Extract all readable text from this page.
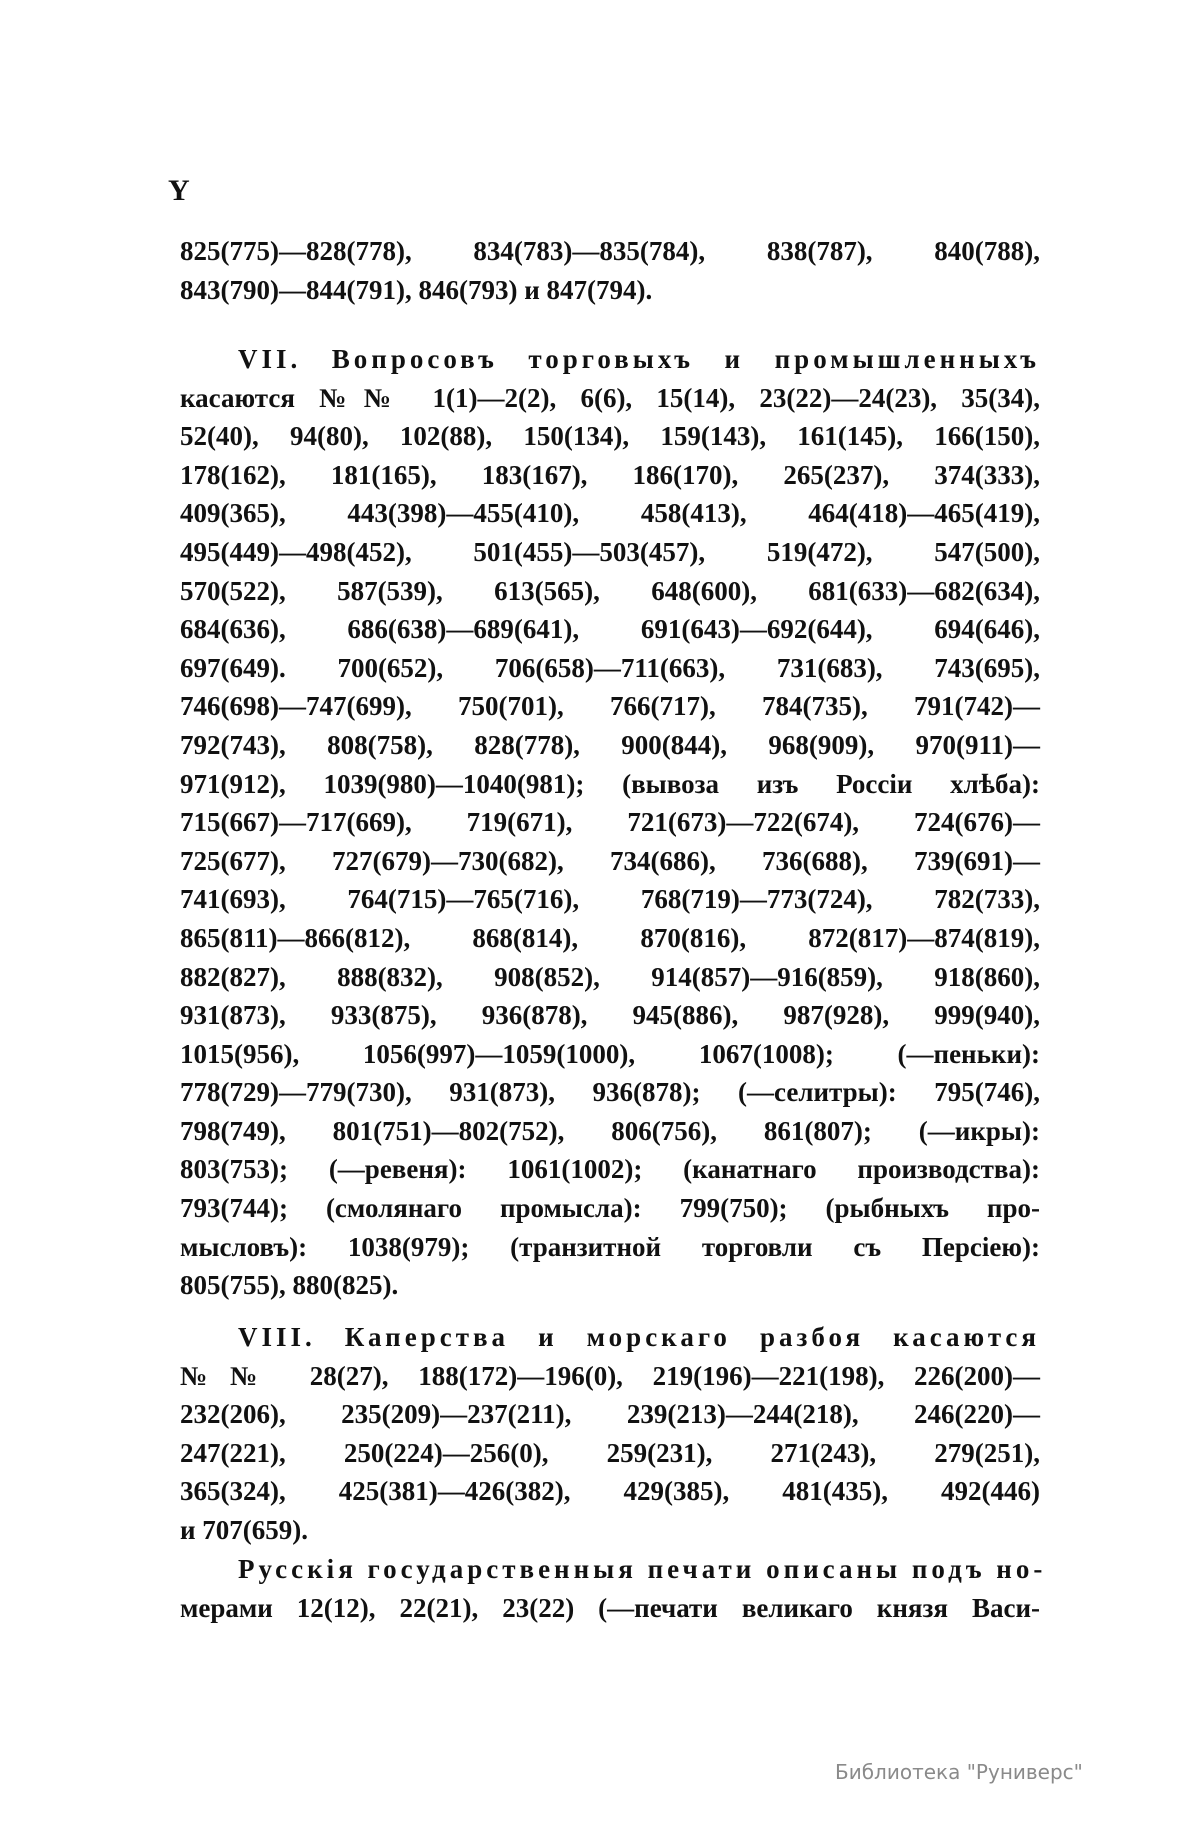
Y
825(775)—828(778), 834(783)—835(784), 838(787), 840(788),
843(790)—844(791), 846(793) и 847(794).
VII. Вопросовъ торговыхъ и промышленныхъ
касаются №№ 1(1)—2(2), 6(6), 15(14), 23(22)—24(23), 35(34),
52(40), 94(80), 102(88), 150(134), 159(143), 161(145), 166(150),
178(162), 181(165), 183(167), 186(170), 265(237), 374(333),
409(365), 443(398)—455(410), 458(413), 464(418)—465(419),
495(449)—498(452), 501(455)—503(457), 519(472), 547(500),
570(522), 587(539), 613(565), 648(600), 681(633)—682(634),
684(636), 686(638)—689(641), 691(643)—692(644), 694(646),
697(649). 700(652), 706(658)—711(663), 731(683), 743(695),
746(698)—747(699), 750(701), 766(717), 784(735), 791(742)—
792(743), 808(758), 828(778), 900(844), 968(909), 970(911)—
971(912), 1039(980)—1040(981); (вывоза изъ Россіи хлѣба):
715(667)—717(669), 719(671), 721(673)—722(674), 724(676)—
725(677), 727(679)—730(682), 734(686), 736(688), 739(691)—
741(693), 764(715)—765(716), 768(719)—773(724), 782(733),
865(811)—866(812), 868(814), 870(816), 872(817)—874(819),
882(827), 888(832), 908(852), 914(857)—916(859), 918(860),
931(873), 933(875), 936(878), 945(886), 987(928), 999(940),
1015(956), 1056(997)—1059(1000), 1067(1008); (—пеньки):
778(729)—779(730), 931(873), 936(878); (—селитры): 795(746),
798(749), 801(751)—802(752), 806(756), 861(807); (—икры):
803(753); (—ревеня): 1061(1002); (канатнаго производства):
793(744); (смолянаго промысла): 799(750); (рыбныхъ про-
мысловъ): 1038(979); (транзитной торговли съ Персіею):
805(755), 880(825).
VIII. Каперства и морскаго разбоя касаются
№№ 28(27), 188(172)—196(0), 219(196)—221(198), 226(200)—
232(206), 235(209)—237(211), 239(213)—244(218), 246(220)—
247(221), 250(224)—256(0), 259(231), 271(243), 279(251),
365(324), 425(381)—426(382), 429(385), 481(435), 492(446)
и 707(659).
Русскія государственныя печати описаны подъ но-
мерами 12(12), 22(21), 23(22) (—печати великаго князя Васи-
Библиотека "Руниверс"
